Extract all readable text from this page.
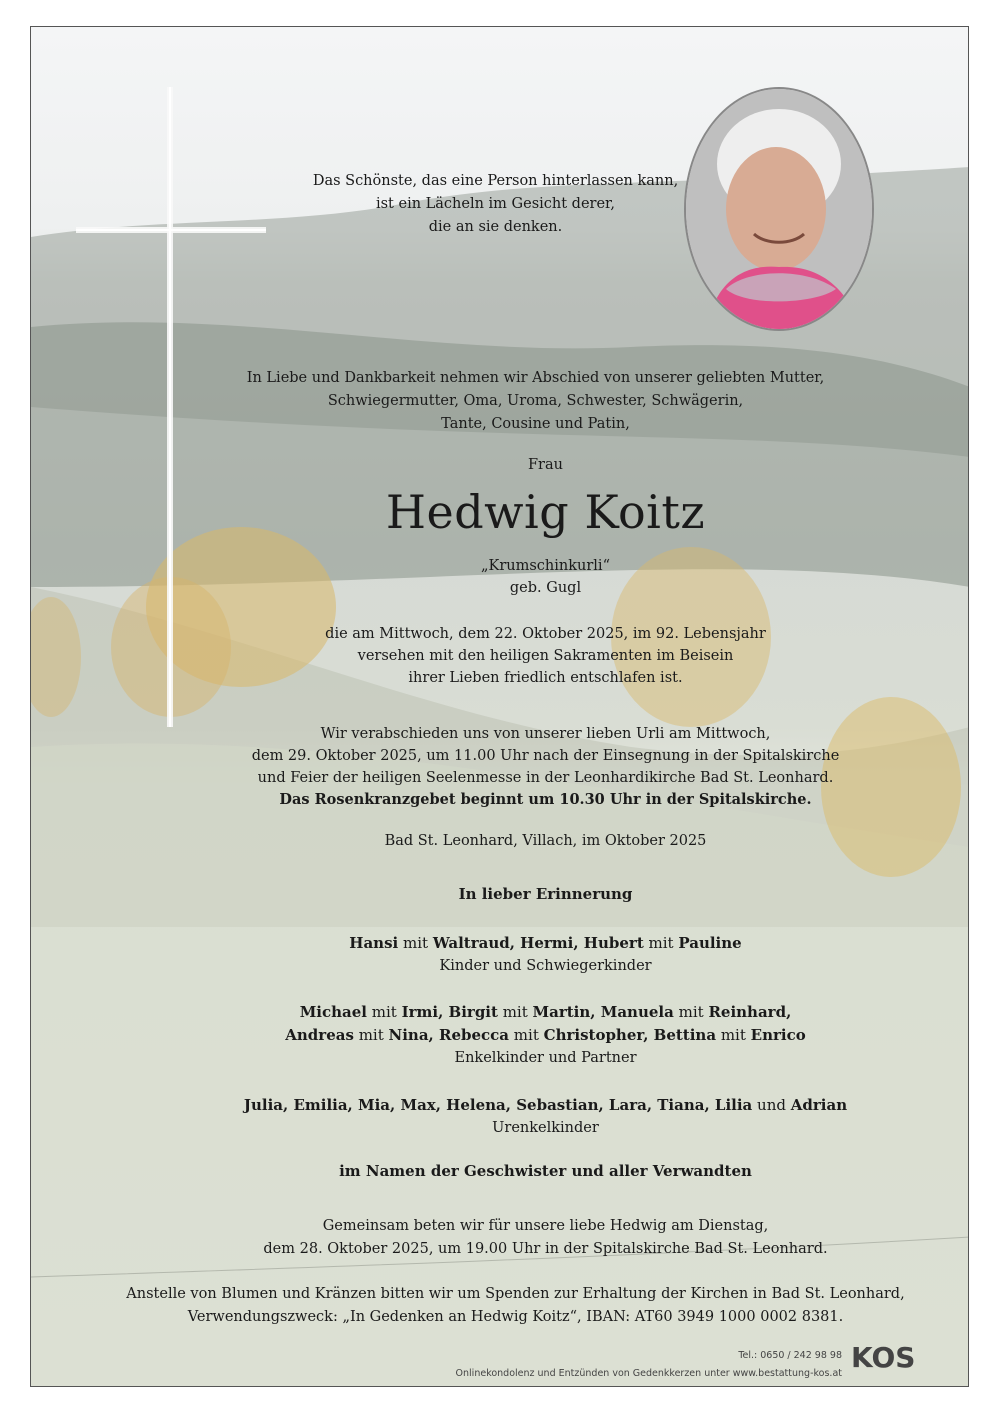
Das Schönste, das eine Person hinterlassen kann,
ist ein Lächeln im Gesicht derer,
die an sie denken.
In Liebe und Dankbarkeit nehmen wir Abschied von unserer geliebten Mutter,
Schwiegermutter, Oma, Uroma, Schwester, Schwägerin,
Tante, Cousine und Patin,
Frau
Hedwig Koitz
„Krumschinkurli“
geb. Gugl
die am Mittwoch, dem 22. Oktober 2025, im 92. Lebensjahr
versehen mit den heiligen Sakramenten im Beisein
ihrer Lieben friedlich entschlafen ist.
Wir verabschieden uns von unserer lieben Urli am Mittwoch,
dem 29. Oktober 2025, um 11.00 Uhr nach der Einsegnung in der Spitalskirche
und Feier der heiligen Seelenmesse in der Leonhardikirche Bad St. Leonhard.
Das Rosenkranzgebet beginnt um 10.30 Uhr in der Spitalskirche.
Bad St. Leonhard, Villach, im Oktober 2025
In lieber Erinnerung
Hansi mit Waltraud, Hermi, Hubert mit Pauline
Kinder und Schwiegerkinder
Michael mit Irmi, Birgit mit Martin, Manuela mit Reinhard,
Andreas mit Nina, Rebecca mit Christopher, Bettina mit Enrico
Enkelkinder und Partner
Julia, Emilia, Mia, Max, Helena, Sebastian, Lara, Tiana, Lilia und Adrian
Urenkelkinder
im Namen der Geschwister und aller Verwandten
Gemeinsam beten wir für unsere liebe Hedwig am Dienstag,
dem 28. Oktober 2025, um 19.00 Uhr in der Spitalskirche Bad St. Leonhard.
Anstelle von Blumen und Kränzen bitten wir um Spenden zur Erhaltung der Kirchen in Bad St. Leonhard,
Verwendungszweck: „In Gedenken an Hedwig Koitz“, IBAN: AT60 3949 1000 0002 8381.
Tel.: 0650 / 242 98 98
Onlinekondolenz und Entzünden von Gedenkkerzen unter www.bestattung-kos.at KOS
